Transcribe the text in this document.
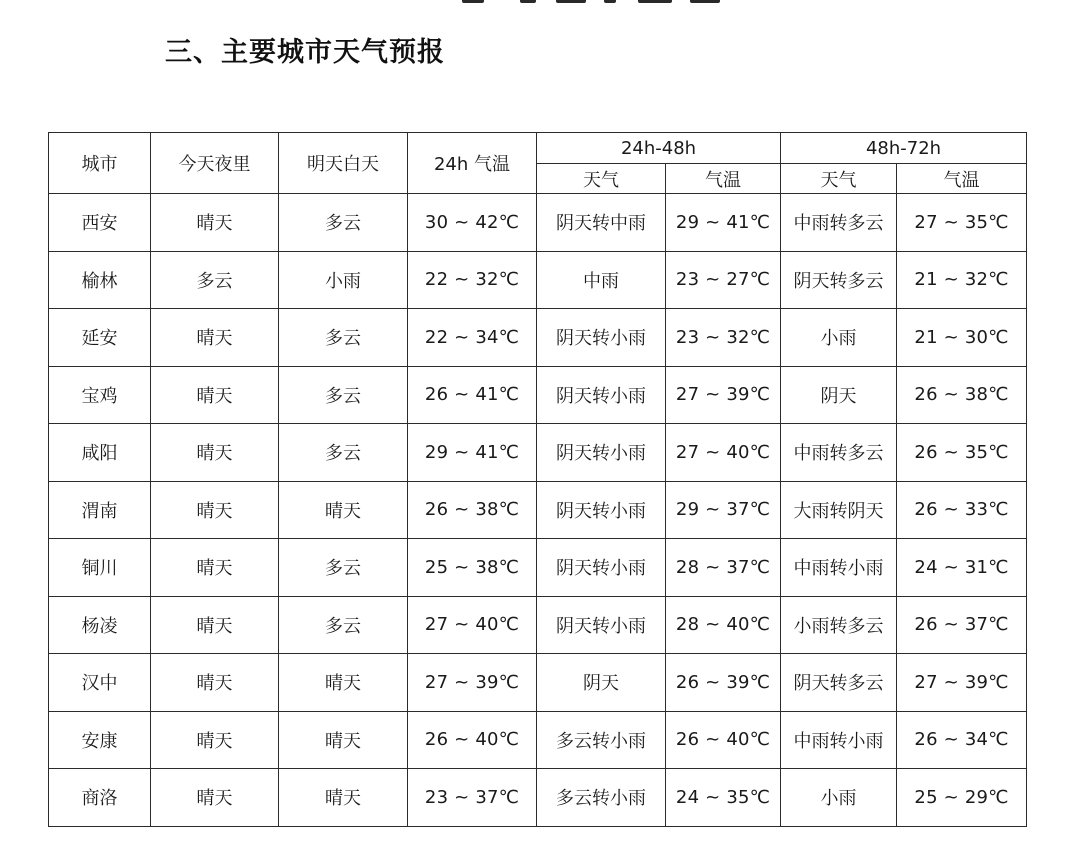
三、主要城市天气预报
城市	今天夜里	明天白天	24h 气温	24h-48h		48h-72h	
				天气	气温	天气	气温
西安	晴天	多云	30 ~ 42℃	阴天转中雨	29 ~ 41℃	中雨转多云	27 ~ 35℃
榆林	多云	小雨	22 ~ 32℃	中雨	23 ~ 27℃	阴天转多云	21 ~ 32℃
延安	晴天	多云	22 ~ 34℃	阴天转小雨	23 ~ 32℃	小雨	21 ~ 30℃
宝鸡	晴天	多云	26 ~ 41℃	阴天转小雨	27 ~ 39℃	阴天	26 ~ 38℃
咸阳	晴天	多云	29 ~ 41℃	阴天转小雨	27 ~ 40℃	中雨转多云	26 ~ 35℃
渭南	晴天	晴天	26 ~ 38℃	阴天转小雨	29 ~ 37℃	大雨转阴天	26 ~ 33℃
铜川	晴天	多云	25 ~ 38℃	阴天转小雨	28 ~ 37℃	中雨转小雨	24 ~ 31℃
杨凌	晴天	多云	27 ~ 40℃	阴天转小雨	28 ~ 40℃	小雨转多云	26 ~ 37℃
汉中	晴天	晴天	27 ~ 39℃	阴天	26 ~ 39℃	阴天转多云	27 ~ 39℃
安康	晴天	晴天	26 ~ 40℃	多云转小雨	26 ~ 40℃	中雨转小雨	26 ~ 34℃
商洛	晴天	晴天	23 ~ 37℃	多云转小雨	24 ~ 35℃	小雨	25 ~ 29℃
